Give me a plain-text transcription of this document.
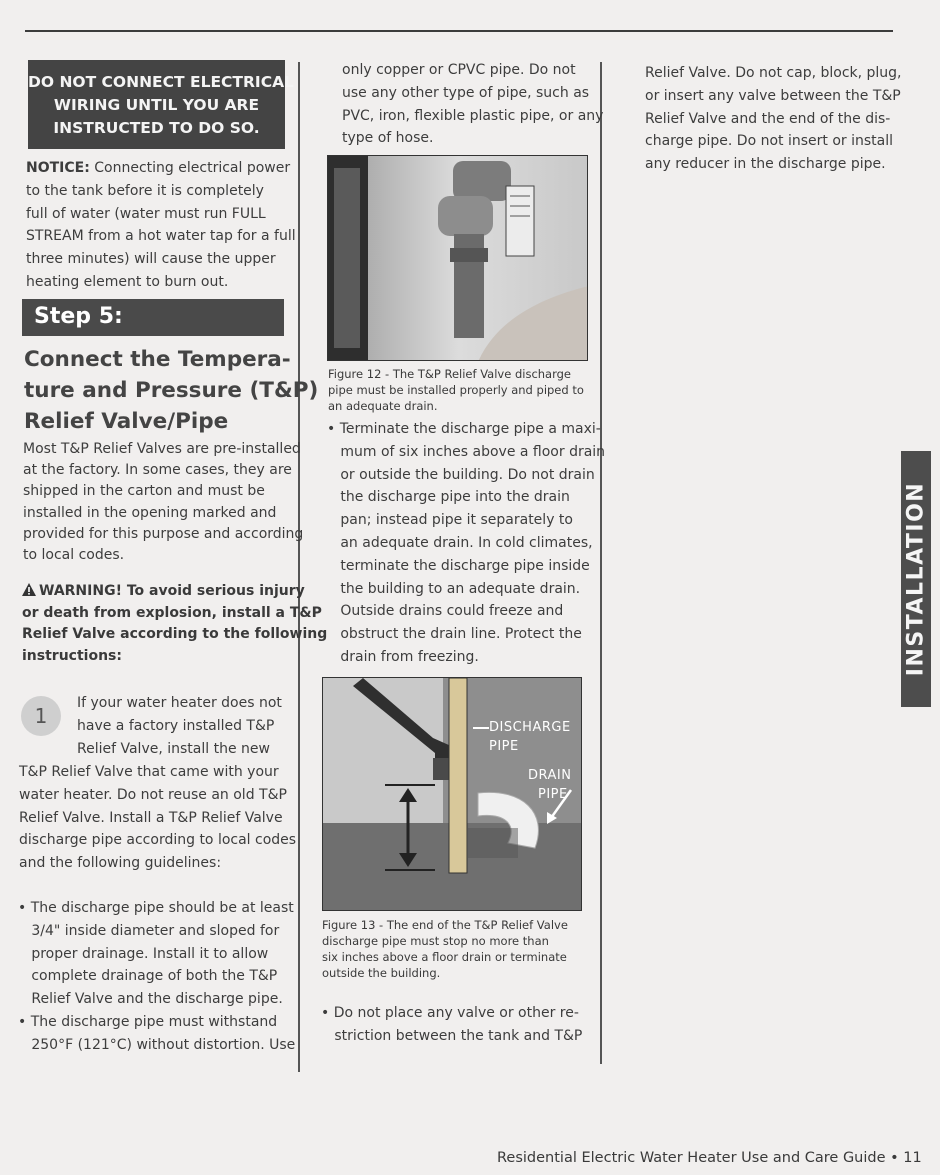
DO NOT CONNECT ELECTRICAL
WIRING UNTIL YOU ARE
INSTRUCTED TO DO SO.
NOTICE: Connecting electrical power
to the tank before it is completely
full of water (water must run FULL
STREAM from a hot water tap for a full
three minutes) will cause the upper
heating element to burn out.
Step 5:
Connect the Tempera-
ture and Pressure (T&P)
Relief Valve/Pipe
Most T&P Relief Valves are pre-installed
at the factory. In some cases, they are
shipped in the carton and must be
installed in the opening marked and
provided for this purpose and according
to local codes.
WARNING! To avoid serious injury
or death from explosion, install a T&P
Relief Valve according to the following
instructions:
1
If your water heater does not
have a factory installed T&P
Relief Valve, install the new
T&P Relief Valve that came with your
water heater. Do not reuse an old T&P
Relief Valve. Install a T&P Relief Valve
discharge pipe according to local codes
and the following guidelines:
• The discharge pipe should be at least
3/4" inside diameter and sloped for
proper drainage. Install it to allow
complete drainage of both the T&P
Relief Valve and the discharge pipe.
• The discharge pipe must withstand
250°F (121°C) without distortion. Use
only copper or CPVC pipe. Do not
use any other type of pipe, such as
PVC, iron, flexible plastic pipe, or any
type of hose.
Figure 12 - The T&P Relief Valve discharge
pipe must be installed properly and piped to
an adequate drain.
• Terminate the discharge pipe a maxi-
mum of six inches above a floor drain
or outside the building. Do not drain
the discharge pipe into the drain
pan; instead pipe it separately to
an adequate drain. In cold climates,
terminate the discharge pipe inside
the building to an adequate drain.
Outside drains could freeze and
obstruct the drain line. Protect the
drain from freezing.
DISCHARGE
PIPE
DRAIN
PIPE
Figure 13 - The end of the T&P Relief Valve
discharge pipe must stop no more than
six inches above a floor drain or terminate
outside the building.
• Do not place any valve or other re-
striction between the tank and T&P
Relief Valve. Do not cap, block, plug,
or insert any valve between the T&P
Relief Valve and the end of the dis-
charge pipe. Do not insert or install
any reducer in the discharge pipe.
INSTALLATION
Residential Electric Water Heater Use and Care Guide • 11
